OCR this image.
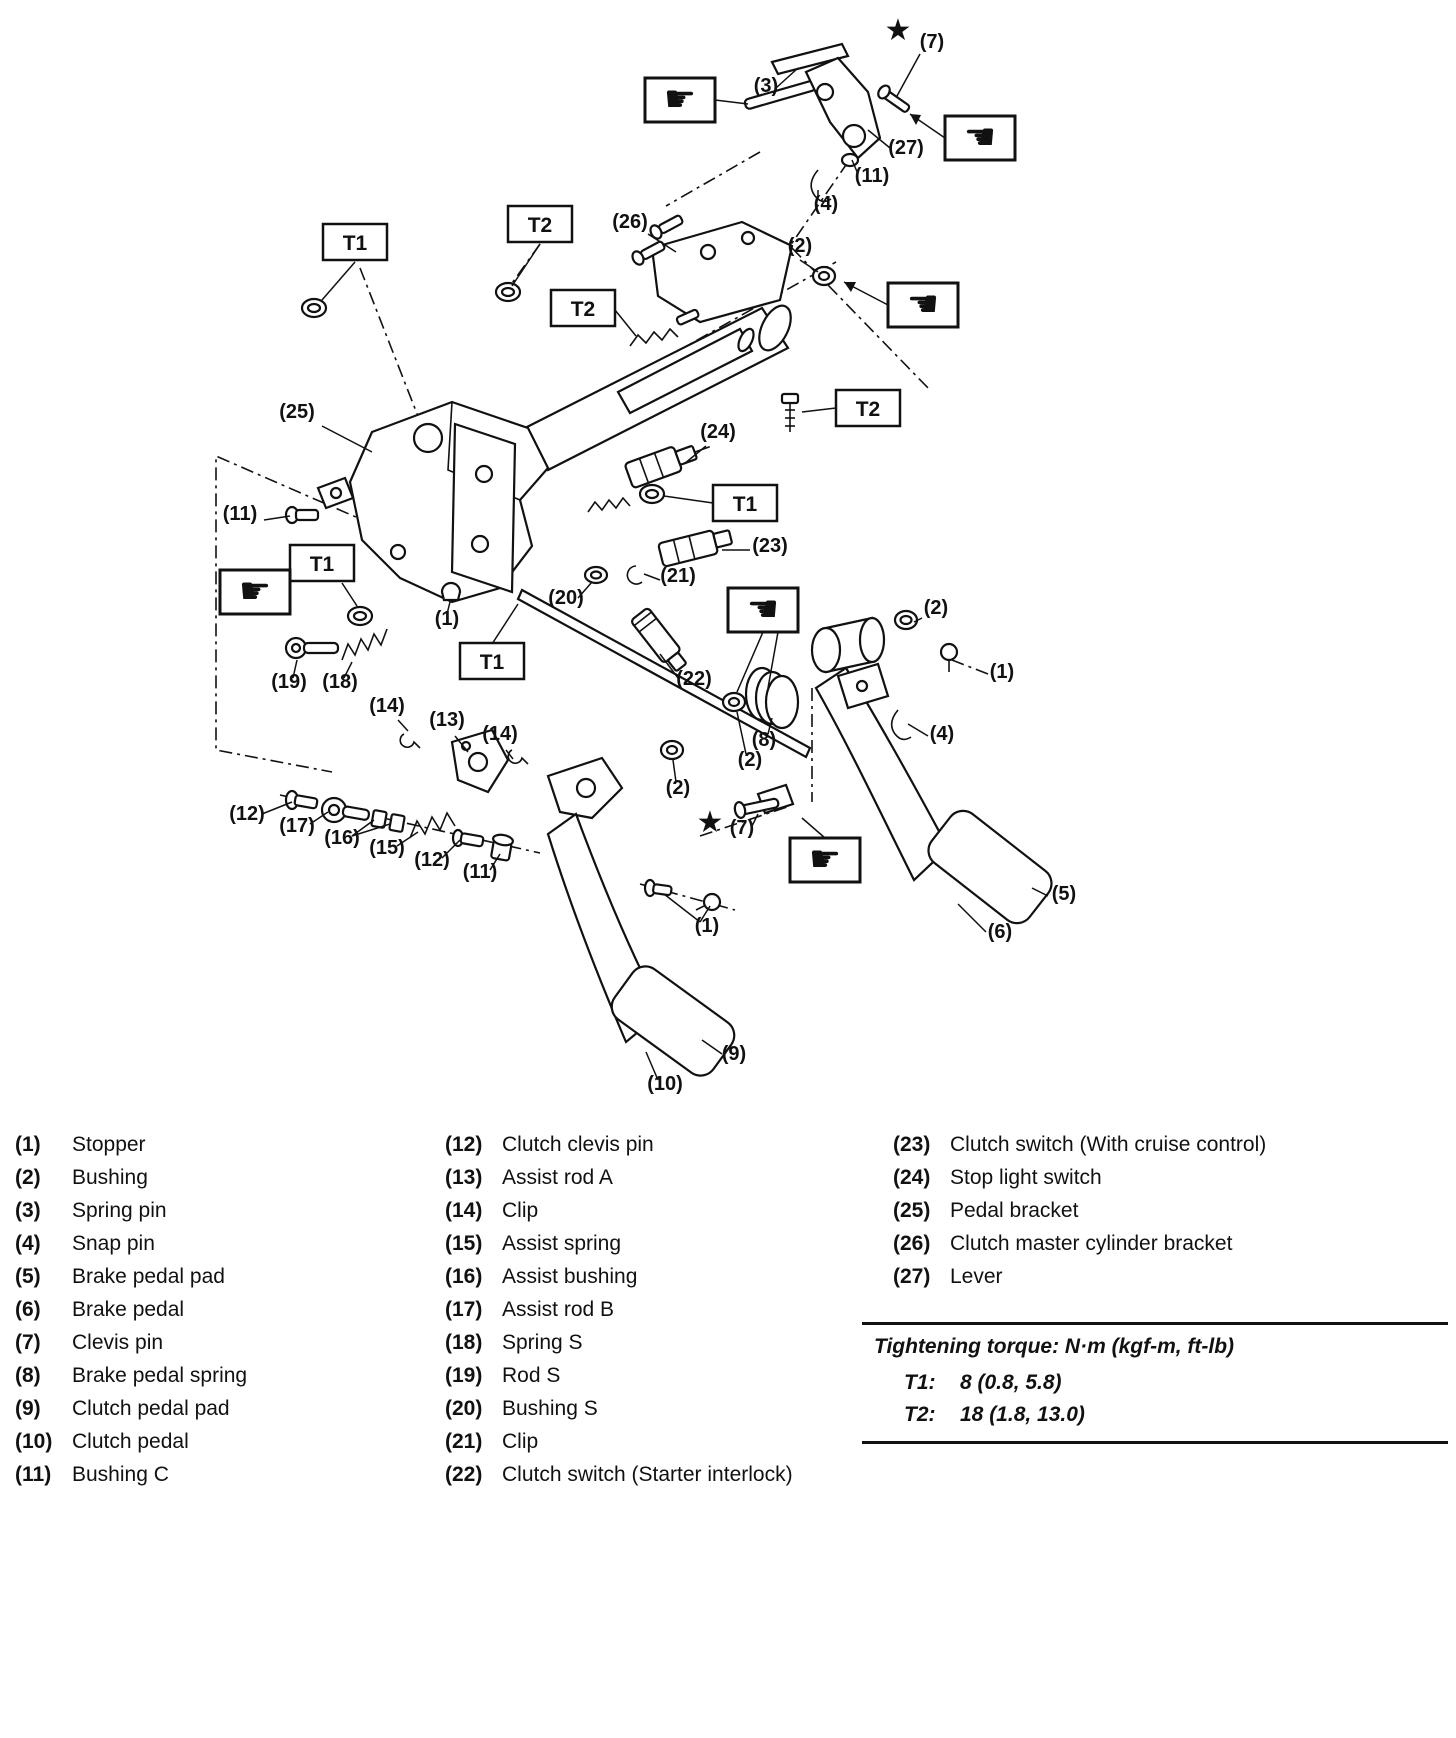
(7)
(3)
(27)
(11)
(4)
(26)
(2)
(25)
(24)
(23)
(11)
(21)
(20)
(1)
(19) (18)	(22)
(2)
(1)
(14)
(13)
(14)	(4)
(8)
(2)
(2)
(12)
(17)
(16) (15)
(12)
(11)
(7)
(5)
(6)
(1)
(9)
(10)
T1
T2
T2
T2
T1
T1
T1
★
★
☛
☛
☛
☛	☛
☛
(1)	Stopper
(2)	Bushing
(3)	Spring pin
(4)	Snap pin
(5)	Brake pedal pad
(6)	Brake pedal
(7)	Clevis pin
(8)	Brake pedal spring
(9)	Clutch pedal pad
(10) Clutch pedal
(11) Bushing C
(12) Clutch clevis pin
(13) Assist rod A
(14) Clip
(15) Assist spring
(16) Assist bushing
(17) Assist rod B
(18) Spring S
(19) Rod S
(20) Bushing S
(21) Clip
(22) Clutch switch (Starter interlock)
(23) Clutch switch (With cruise control)
(24) Stop light switch
(25) Pedal bracket
(26) Clutch master cylinder bracket
(27) Lever
Tightening torque: N·m (kgf-m, ft-lb)
T1:	8 (0.8, 5.8)
T2:	18 (1.8, 13.0)
